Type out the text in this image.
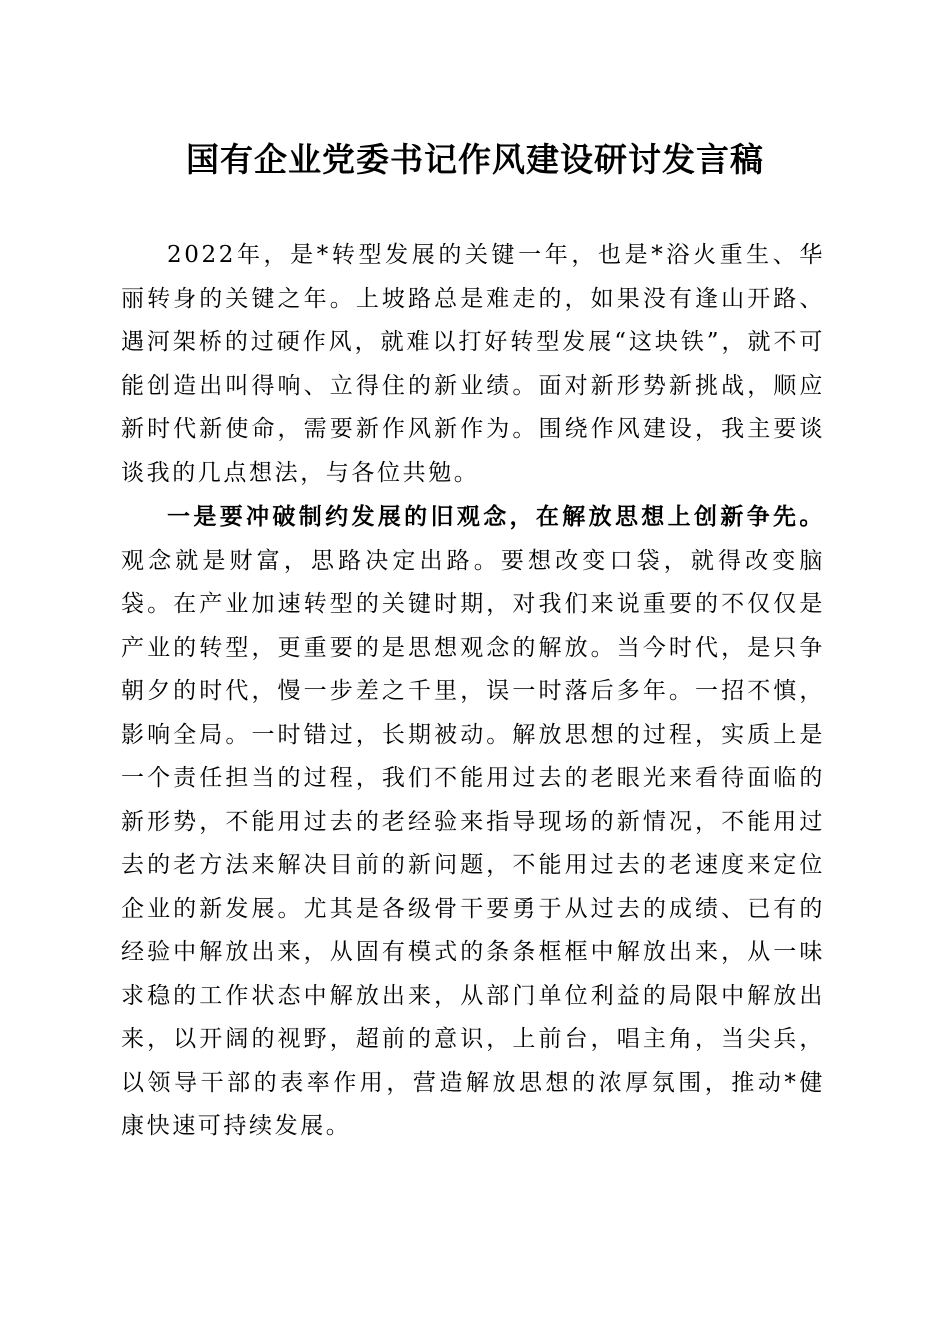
国有企业党委书记作风建设研讨发言稿

2022年，是*转型发展的关键一年，也是*浴火重生、华丽转身的关键之年。上坡路总是难走的，如果没有逢山开路、遇河架桥的过硬作风，就难以打好转型发展“这块铁”，就不可能创造出叫得响、立得住的新业绩。面对新形势新挑战，顺应新时代新使命，需要新作风新作为。围绕作风建设，我主要谈谈我的几点想法，与各位共勉。

一是要冲破制约发展的旧观念，在解放思想上创新争先。观念就是财富，思路决定出路。要想改变口袋，就得改变脑袋。在产业加速转型的关键时期，对我们来说重要的不仅仅是产业的转型，更重要的是思想观念的解放。当今时代，是只争朝夕的时代，慢一步差之千里，误一时落后多年。一招不慎，影响全局。一时错过，长期被动。解放思想的过程，实质上是一个责任担当的过程，我们不能用过去的老眼光来看待面临的新形势，不能用过去的老经验来指导现场的新情况，不能用过去的老方法来解决目前的新问题，不能用过去的老速度来定位企业的新发展。尤其是各级骨干要勇于从过去的成绩、已有的经验中解放出来，从固有模式的条条框框中解放出来，从一味求稳的工作状态中解放出来，从部门单位利益的局限中解放出来，以开阔的视野，超前的意识，上前台，唱主角，当尖兵，以领导干部的表率作用，营造解放思想的浓厚氛围，推动*健康快速可持续发展。
